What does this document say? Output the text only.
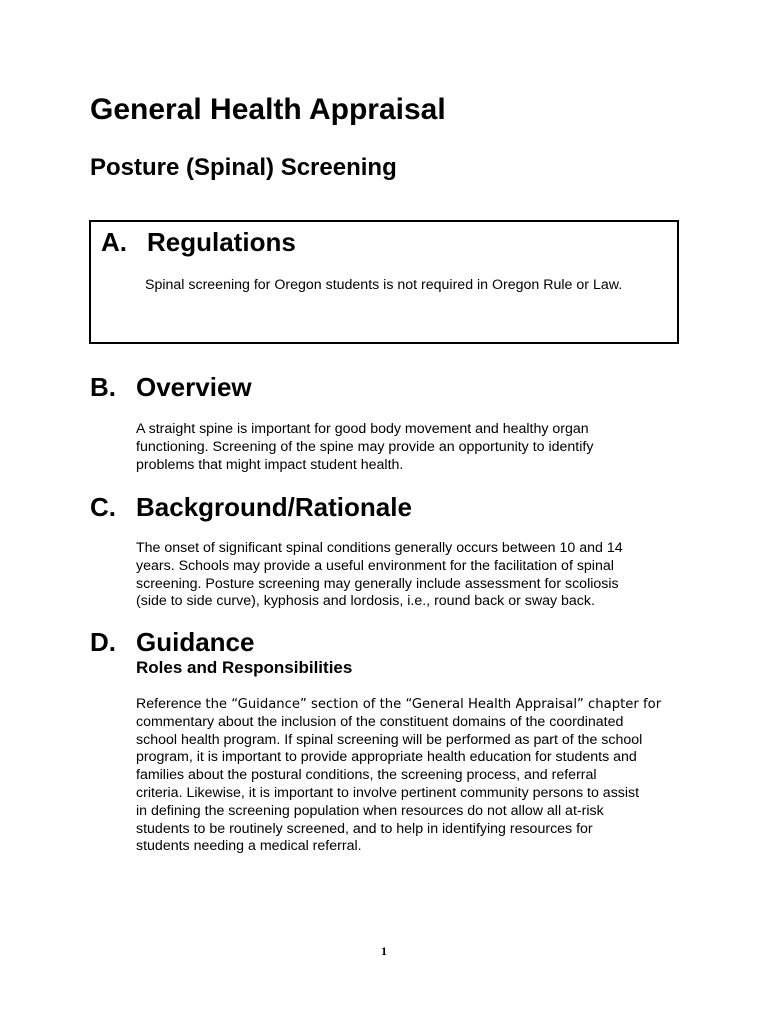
General Health Appraisal
Posture (Spinal) Screening
A. Regulations
Spinal screening for Oregon students is not required in Oregon Rule or Law.
B. Overview
A straight spine is important for good body movement and healthy organ
functioning. Screening of the spine may provide an opportunity to identify
problems that might impact student health.
C. Background/Rationale
The onset of significant spinal conditions generally occurs between 10 and 14
years. Schools may provide a useful environment for the facilitation of spinal
screening. Posture screening may generally include assessment for scoliosis
(side to side curve), kyphosis and lordosis, i.e., round back or sway back.
D. Guidance
Roles and Responsibilities
Reference the “Guidance” section of the “General Health Appraisal” chapter for
commentary about the inclusion of the constituent domains of the coordinated
school health program. If spinal screening will be performed as part of the school
program, it is important to provide appropriate health education for students and
families about the postural conditions, the screening process, and referral
criteria. Likewise, it is important to involve pertinent community persons to assist
in defining the screening population when resources do not allow all at-risk
students to be routinely screened, and to help in identifying resources for
students needing a medical referral.
1
